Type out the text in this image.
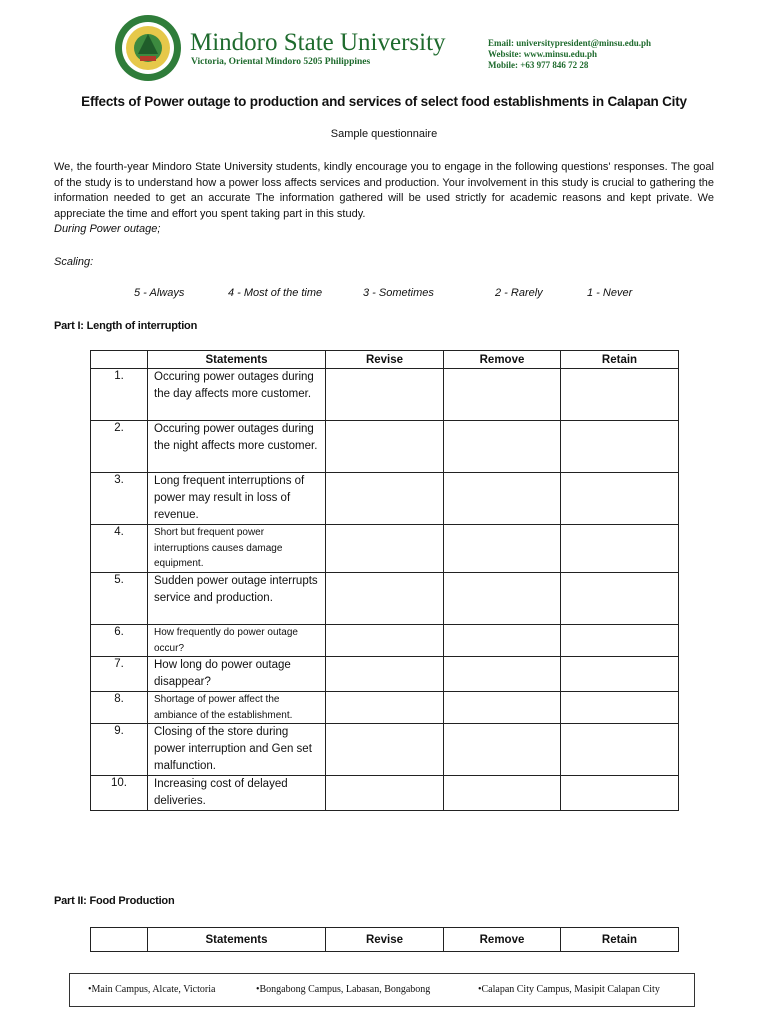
Mindoro State University
Victoria, Oriental Mindoro 5205 Philippines
Email: universitypresident@minsu.edu.ph
Website: www.minsu.edu.ph
Mobile: +63 977 846 72 28
Effects of Power outage to production and services of select food establishments in Calapan City
Sample questionnaire
We, the fourth-year Mindoro State University students, kindly encourage you to engage in the following questions' responses. The goal of the study is to understand how a power loss affects services and production. Your involvement in this study is crucial to gathering the information needed to get an accurate The information gathered will be used strictly for academic reasons and kept private. We appreciate the time and effort you spent taking part in this study.
During Power outage;
Scaling:
5 - Always	4 - Most of the time	3 - Sometimes	2 - Rarely	1 - Never
Part I: Length of interruption
	Statements	Revise	Remove	Retain
1.	Occuring power outages during the day affects more customer.			
2.	Occuring power outages during the night affects more customer.			
3.	Long frequent interruptions of power may result in loss of revenue.			
4.	Short but frequent power interruptions causes damage equipment.			
5.	Sudden power outage interrupts service and production.			
6.	How frequently do power outage occur?			
7.	How long do power outage disappear?			
8.	Shortage of power affect the ambiance of the establishment.			
9.	Closing of the store during power interruption and Gen set malfunction.			
10.	Increasing cost of delayed deliveries.			
Part II: Food Production
	Statements	Revise	Remove	Retain
•Main Campus, Alcate, Victoria	•Bongabong Campus, Labasan, Bongabong	•Calapan City Campus, Masipit Calapan City
